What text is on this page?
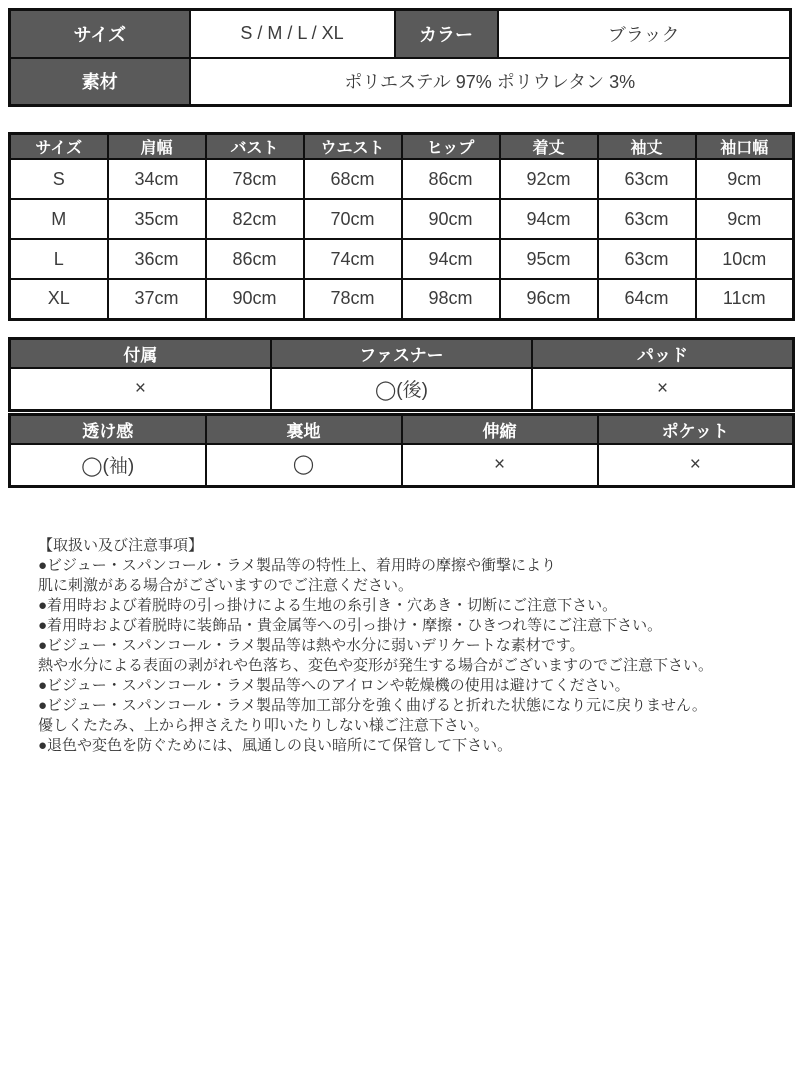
サイズ	S / M / L / XL	カラー	ブラック
素材	ポリエステル 97% ポリウレタン 3%		
サイズ	肩幅	バスト	ウエスト	ヒップ	着丈	袖丈	袖口幅
S	34cm	78cm	68cm	86cm	92cm	63cm	9cm
M	35cm	82cm	70cm	90cm	94cm	63cm	9cm
L	36cm	86cm	74cm	94cm	95cm	63cm	10cm
XL	37cm	90cm	78cm	98cm	96cm	64cm	11cm
付属	ファスナー	パッド
×	◯(後)	×
透け感	裏地	伸縮	ポケット
◯(袖)	◯	×	×
【取扱い及び注意事項】
●ビジュー・スパンコール・ラメ製品等の特性上、着用時の摩擦や衝撃により
肌に刺激がある場合がございますのでご注意ください。
●着用時および着脱時の引っ掛けによる生地の糸引き・穴あき・切断にご注意下さい。
●着用時および着脱時に装飾品・貴金属等への引っ掛け・摩擦・ひきつれ等にご注意下さい。
●ビジュー・スパンコール・ラメ製品等は熱や水分に弱いデリケートな素材です。
熱や水分による表面の剥がれや色落ち、変色や変形が発生する場合がございますのでご注意下さい。
●ビジュー・スパンコール・ラメ製品等へのアイロンや乾燥機の使用は避けてください。
●ビジュー・スパンコール・ラメ製品等加工部分を強く曲げると折れた状態になり元に戻りません。
優しくたたみ、上から押さえたり叩いたりしない様ご注意下さい。
●退色や変色を防ぐためには、風通しの良い暗所にて保管して下さい。
